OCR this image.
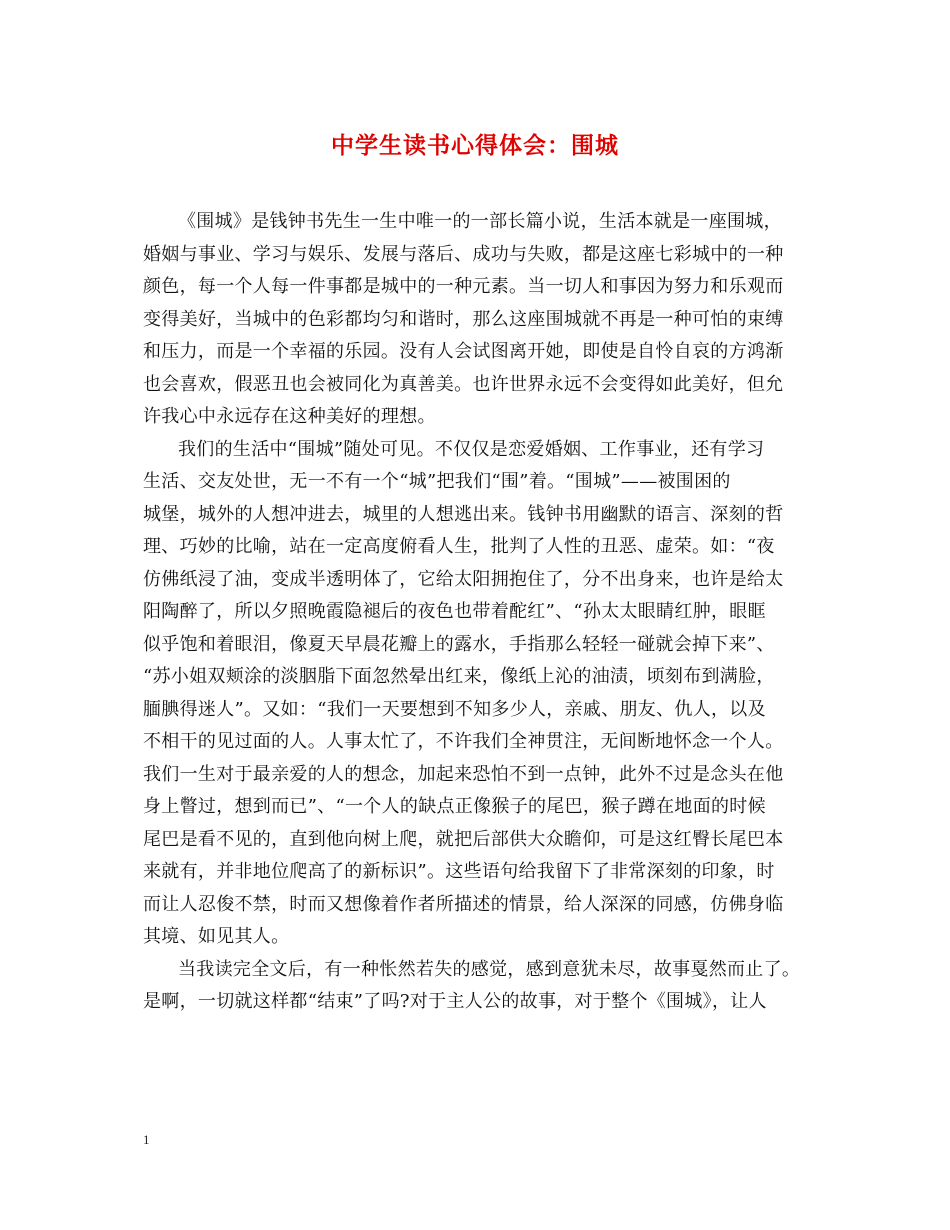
中学生读书心得体会：围城
《围城》是钱钟书先生一生中唯一的一部长篇小说，生活本就是一座围城，
婚姻与事业、学习与娱乐、发展与落后、成功与失败，都是这座七彩城中的一种
颜色，每一个人每一件事都是城中的一种元素。当一切人和事因为努力和乐观而
变得美好，当城中的色彩都均匀和谐时，那么这座围城就不再是一种可怕的束缚
和压力，而是一个幸福的乐园。没有人会试图离开她，即使是自怜自哀的方鸿渐
也会喜欢，假恶丑也会被同化为真善美。也许世界永远不会变得如此美好，但允
许我心中永远存在这种美好的理想。
我们的生活中“围城”随处可见。不仅仅是恋爱婚姻、工作事业，还有学习
生活、交友处世，无一不有一个“城”把我们“围”着。“围城”——被围困的
城堡，城外的人想冲进去，城里的人想逃出来。钱钟书用幽默的语言、深刻的哲
理、巧妙的比喻，站在一定高度俯看人生，批判了人性的丑恶、虚荣。如：“夜
仿佛纸浸了油，变成半透明体了，它给太阳拥抱住了，分不出身来，也许是给太
阳陶醉了，所以夕照晚霞隐褪后的夜色也带着酡红”、“孙太太眼睛红肿，眼眶
似乎饱和着眼泪，像夏天早晨花瓣上的露水，手指那么轻轻一碰就会掉下来”、
“苏小姐双颊涂的淡胭脂下面忽然晕出红来，像纸上沁的油渍，顷刻布到满脸，
腼腆得迷人”。又如：“我们一天要想到不知多少人，亲戚、朋友、仇人，以及
不相干的见过面的人。人事太忙了，不许我们全神贯注，无间断地怀念一个人。
我们一生对于最亲爱的人的想念，加起来恐怕不到一点钟，此外不过是念头在他
身上瞥过，想到而已”、“一个人的缺点正像猴子的尾巴，猴子蹲在地面的时候
尾巴是看不见的，直到他向树上爬，就把后部供大众瞻仰，可是这红臀长尾巴本
来就有，并非地位爬高了的新标识”。这些语句给我留下了非常深刻的印象，时
而让人忍俊不禁，时而又想像着作者所描述的情景，给人深深的同感，仿佛身临
其境、如见其人。
当我读完全文后，有一种怅然若失的感觉，感到意犹未尽，故事戛然而止了。
是啊，一切就这样都“结束”了吗?对于主人公的故事，对于整个《围城》，让人
1
